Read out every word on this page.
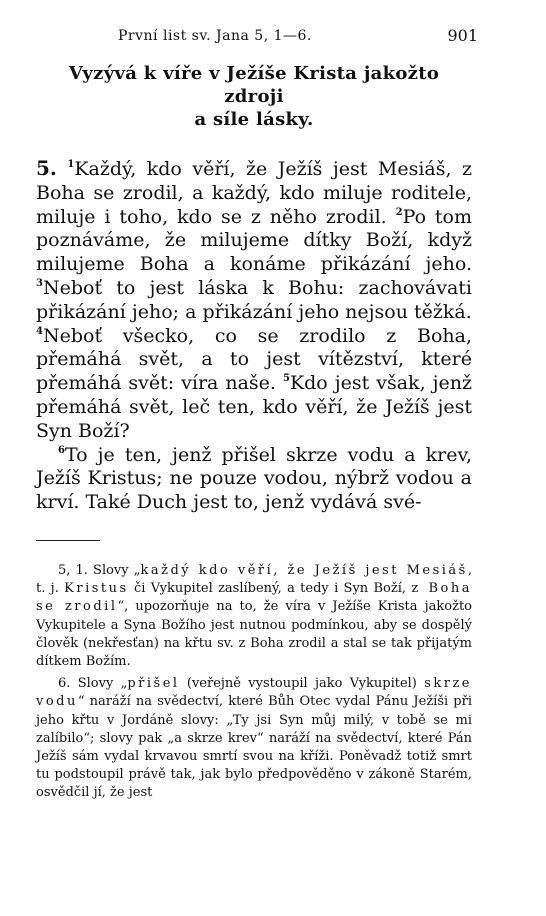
První list sv. Jana 5, 1—6.	901
Vyzývá k víře v Ježíše Krista jakožto zdroji
a síle lásky.

5. $^1$Každý, kdo věří, že Ježíš jest Mesiáš, z Boha se zrodil, a každý, kdo miluje roditele, miluje i toho, kdo se z něho zrodil. $^2$Po tom poznáváme, že milujeme dítky Boží, když milujeme Boha a konáme přikázání jeho. $^3$Neboť to jest láska k Bohu: zachovávati přikázání jeho; a přikázání jeho nejsou těžká.
$^4$Neboť všecko, co se zrodilo z Boha, přemáhá svět, a to jest vítězství, které přemáhá svět: víra naše. $^5$Kdo jest však, jenž přemáhá svět, leč ten, kdo věří, že Ježíš jest Syn Boží?

$^6$To je ten, jenž přišel skrze vodu a krev, Ježíš Kristus; ne pouze vodou, nýbrž vodou a krví. Také Duch jest to, jenž vydává své-

5, 1. Slovy „každý kdo věří, že Ježíš jest Mesiáš, t. j. Kristus či Vykupitel zaslíbený, a tedy i Syn Boží, z Boha se zrodil“, upozorňuje na to, že víra v Ježíše Krista jakožto Vykupitele a Syna Božího jest nutnou podmínkou, aby se dospělý člověk (nekřesťan) na křtu sv. z Boha zrodil a stal se tak přijatým dítkem Božím.

6. Slovy „přišel (veřejně vystoupil jako Vykupitel) skrze vodu“ naráží na svědectví, které Bůh Otec vydal Pánu Ježíši při jeho křtu v Jordáně slovy: „Ty jsi Syn můj milý, v tobě se mi zalíbilo“; slovy pak „a skrze krev“ naráží na svědectví, které Pán Ježíš sám vydal krvavou smrtí svou na kříži. Poněvadž totiž smrt tu podstoupil právě tak, jak bylo předpověděno v zákoně Starém, osvědčil jí, že jest
